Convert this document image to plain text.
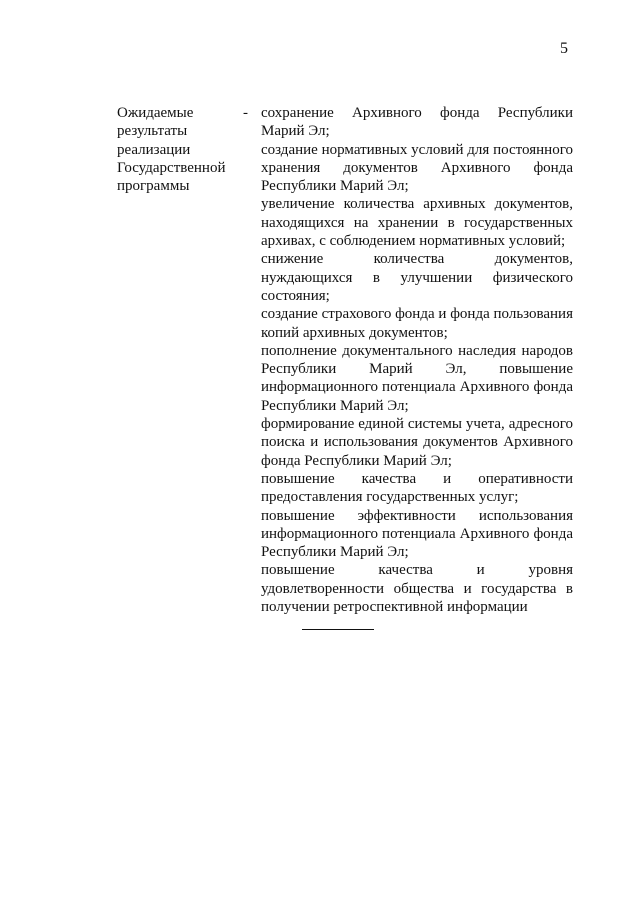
5
Ожидаемые
результаты
реализации
Государственной
программы
- сохранение Архивного фонда Республики Марий Эл;
создание нормативных условий для постоянного хранения документов Архивного фонда Республики Марий Эл;
увеличение количества архивных документов, находящихся на хранении в государственных архивах, с соблюдением нормативных условий;
снижение количества документов, нуждающихся в улучшении физического состояния;
создание страхового фонда и фонда пользования копий архивных документов;
пополнение документального наследия народов Республики Марий Эл, повышение информационного потенциала Архивного фонда Республики Марий Эл;
формирование единой системы учета, адресного поиска и использования документов Архивного фонда Республики Марий Эл;
повышение качества и оперативности предоставления государственных услуг;
повышение эффективности использования информационного потенциала Архивного фонда Республики Марий Эл;
повышение качества и уровня удовлетворенности общества и государства в получении ретроспективной информации
